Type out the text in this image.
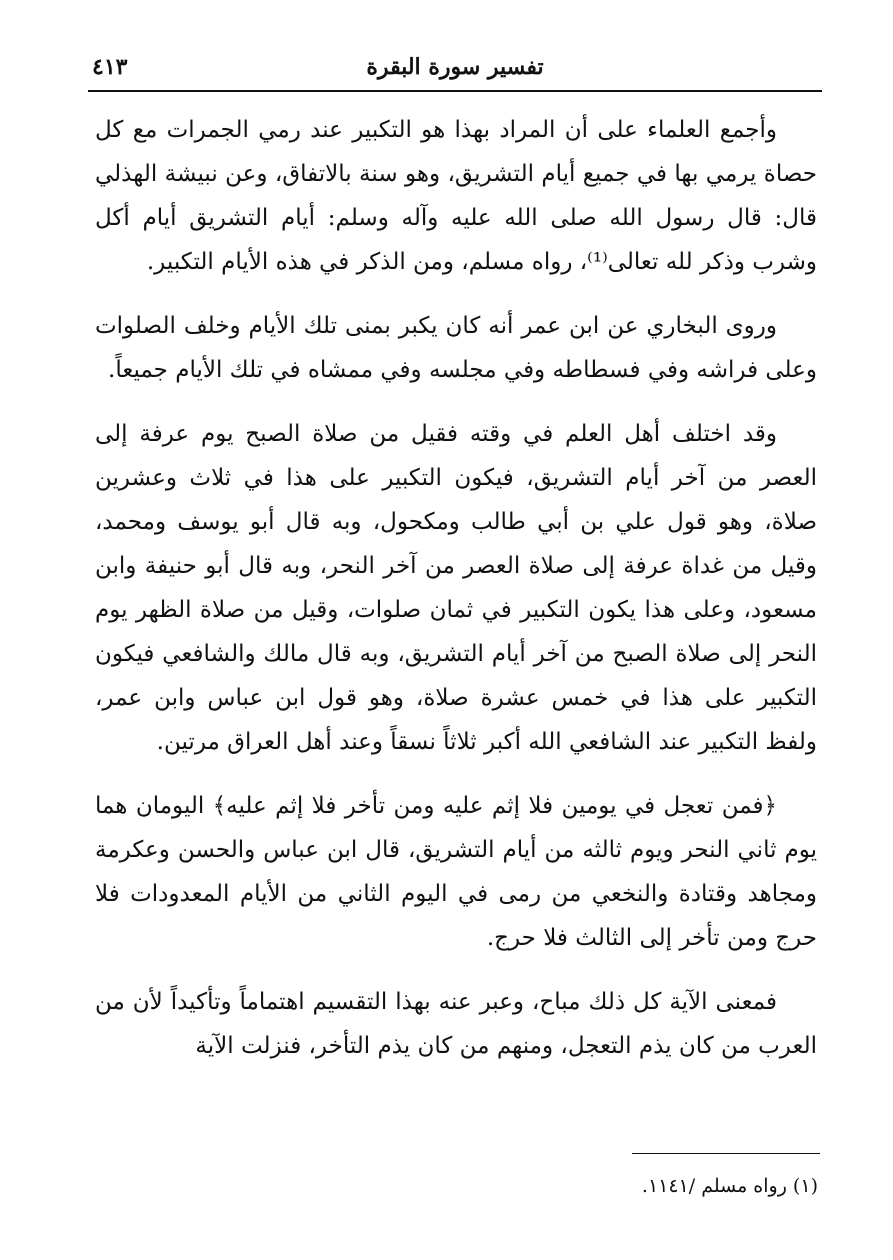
تفسير سورة البقرة
٤١٣

وأجمع العلماء على أن المراد بهذا هو التكبير عند رمي الجمرات مع كل حصاة يرمي بها في جميع أيام التشريق، وهو سنة بالاتفاق، وعن نبيشة الهذلي قال: قال رسول الله صلى الله عليه وآله وسلم: أيام التشريق أيام أكل وشرب وذكر لله تعالى⁽¹⁾، رواه مسلم، ومن الذكر في هذه الأيام التكبير.

وروى البخاري عن ابن عمر أنه كان يكبر بمنى تلك الأيام وخلف الصلوات وعلى فراشه وفي فسطاطه وفي مجلسه وفي ممشاه في تلك الأيام جميعاً.

وقد اختلف أهل العلم في وقته فقيل من صلاة الصبح يوم عرفة إلى العصر من آخر أيام التشريق، فيكون التكبير على هذا في ثلاث وعشرين صلاة، وهو قول علي بن أبي طالب ومكحول، وبه قال أبو يوسف ومحمد، وقيل من غداة عرفة إلى صلاة العصر من آخر النحر، وبه قال أبو حنيفة وابن مسعود، وعلى هذا يكون التكبير في ثمان صلوات، وقيل من صلاة الظهر يوم النحر إلى صلاة الصبح من آخر أيام التشريق، وبه قال مالك والشافعي فيكون التكبير على هذا في خمس عشرة صلاة، وهو قول ابن عباس وابن عمر، ولفظ التكبير عند الشافعي الله أكبر ثلاثاً نسقاً وعند أهل العراق مرتين.

﴿فمن تعجل في يومين فلا إثم عليه ومن تأخر فلا إثم عليه﴾ اليومان هما يوم ثاني النحر ويوم ثالثه من أيام التشريق، قال ابن عباس والحسن وعكرمة ومجاهد وقتادة والنخعي من رمى في اليوم الثاني من الأيام المعدودات فلا حرج ومن تأخر إلى الثالث فلا حرج.

فمعنى الآية كل ذلك مباح، وعبر عنه بهذا التقسيم اهتماماً وتأكيداً لأن من العرب من كان يذم التعجل، ومنهم من كان يذم التأخر، فنزلت الآية

(١) رواه مسلم /١١٤١.
